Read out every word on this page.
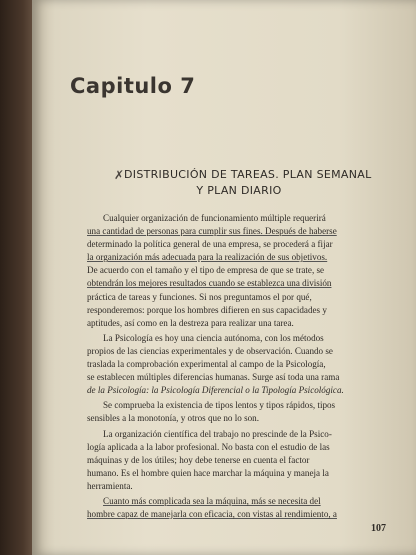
Capitulo 7
✗ DISTRIBUCIÓN DE TAREAS. PLAN SEMANAL
Y PLAN DIARIO

Cualquier organización de funcionamiento múltiple requerirá
una cantidad de personas para cumplir sus fines. Después de haberse
determinado la política general de una empresa, se procederá a fijar
la organización más adecuada para la realización de sus objetivos.
De acuerdo con el tamaño y el tipo de empresa de que se trate, se
obtendrán los mejores resultados cuando se establezca una división
práctica de tareas y funciones. Si nos preguntamos el por qué,
responderemos: porque los hombres difieren en sus capacidades y
aptitudes, así como en la destreza para realizar una tarea.

La Psicología es hoy una ciencia autónoma, con los métodos
propios de las ciencias experimentales y de observación. Cuando se
traslada la comprobación experimental al campo de la Psicología,
se establecen múltiples diferencias humanas. Surge así toda una rama
de la Psicología: la Psicología Diferencial o la Tipología Psicológica.

Se comprueba la existencia de tipos lentos y tipos rápidos, tipos
sensibles a la monotonía, y otros que no lo son.

La organización científica del trabajo no prescinde de la Psico-
logía aplicada a la labor profesional. No basta con el estudio de las
máquinas y de los útiles; hoy debe tenerse en cuenta el factor
humano. Es el hombre quien hace marchar la máquina y maneja la
herramienta.

Cuanto más complicada sea la máquina, más se necesita del
hombre capaz de manejarla con eficacia, con vistas al rendimiento, a

107
